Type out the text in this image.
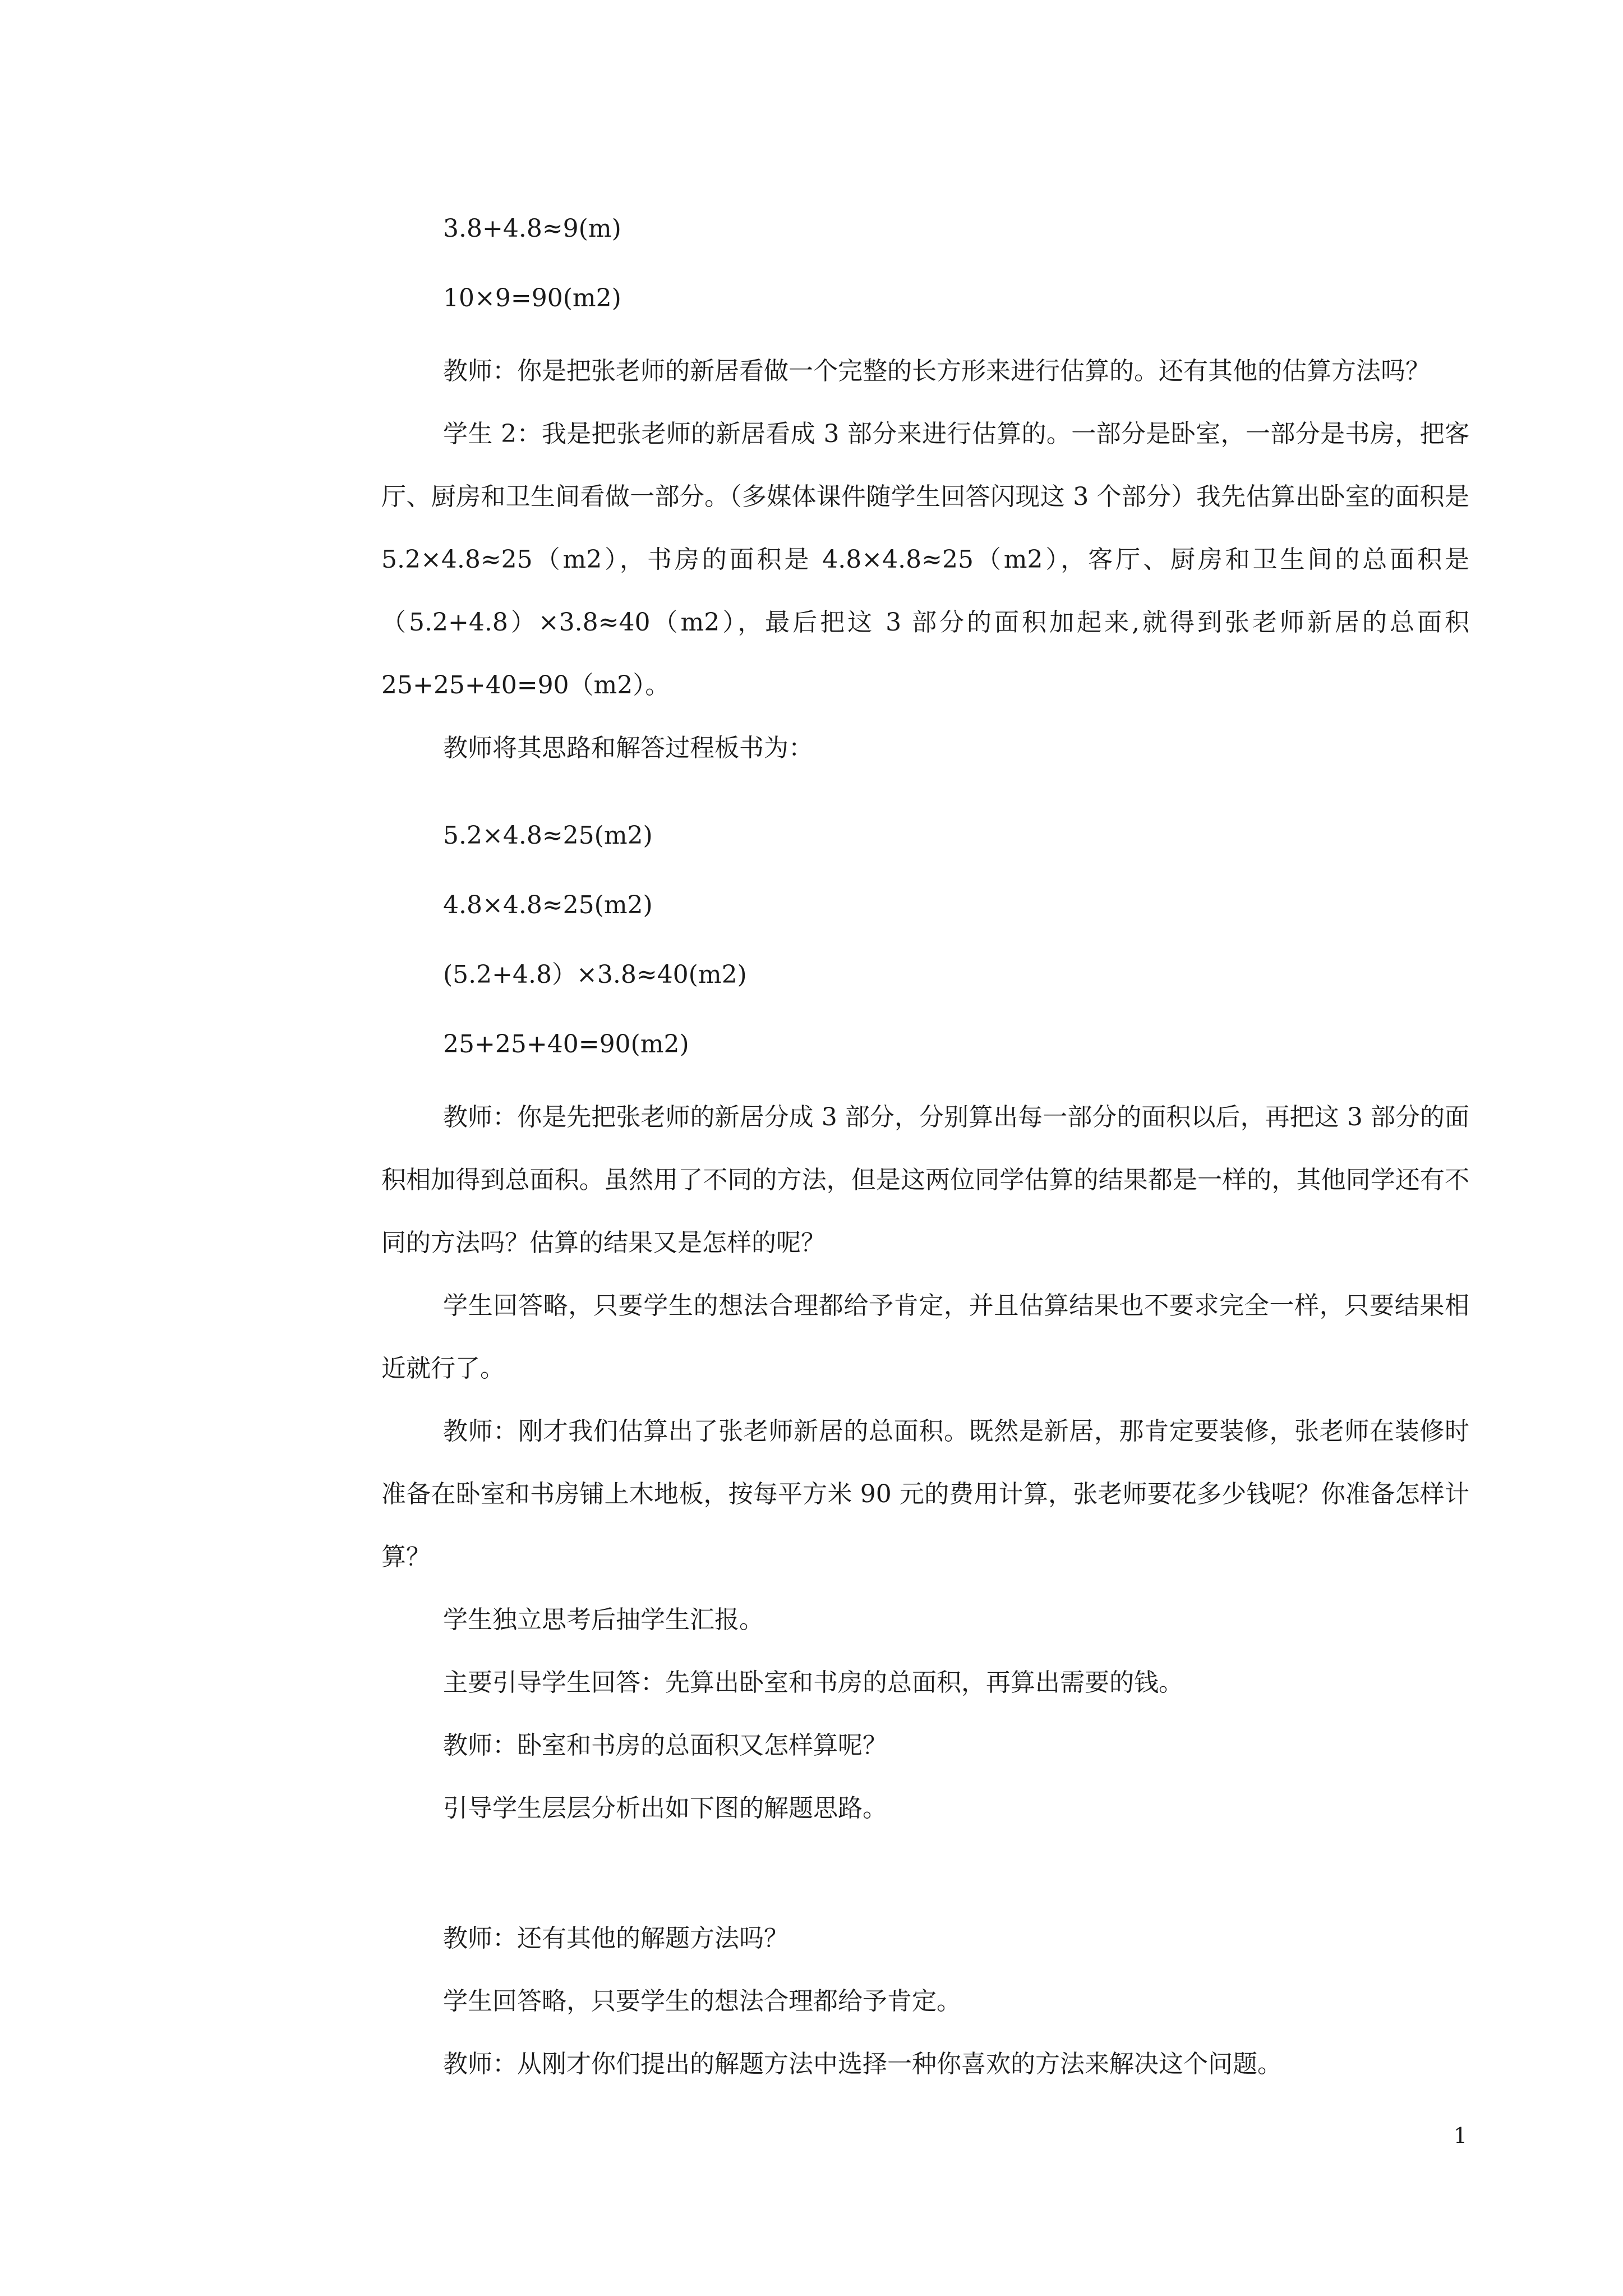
3.8+4.8≈9(m)

10×9=90(m2)

教师：你是把张老师的新居看做一个完整的长方形来进行估算的。还有其他的估算方法吗？

学生 2：我是把张老师的新居看成 3 部分来进行估算的。一部分是卧室，一部分是书房，把客厅、厨房和卫生间看做一部分。（多媒体课件随学生回答闪现这 3 个部分）我先估算出卧室的面积是 5.2×4.8≈25（m2），书房的面积是 4.8×4.8≈25（m2），客厅、厨房和卫生间的总面积是（5.2+4.8）×3.8≈40（m2），最后把这 3 部分的面积加起来,就得到张老师新居的总面积 25+25+40=90（m2）。

教师将其思路和解答过程板书为：

5.2×4.8≈25(m2)

4.8×4.8≈25(m2)

(5.2+4.8）×3.8≈40(m2)

25+25+40=90(m2)

教师：你是先把张老师的新居分成 3 部分，分别算出每一部分的面积以后，再把这 3 部分的面积相加得到总面积。虽然用了不同的方法，但是这两位同学估算的结果都是一样的，其他同学还有不同的方法吗？估算的结果又是怎样的呢？

学生回答略，只要学生的想法合理都给予肯定，并且估算结果也不要求完全一样，只要结果相近就行了。

教师：刚才我们估算出了张老师新居的总面积。既然是新居，那肯定要装修，张老师在装修时准备在卧室和书房铺上木地板，按每平方米 90 元的费用计算，张老师要花多少钱呢？你准备怎样计算？

学生独立思考后抽学生汇报。

主要引导学生回答：先算出卧室和书房的总面积，再算出需要的钱。

教师：卧室和书房的总面积又怎样算呢？

引导学生层层分析出如下图的解题思路。

教师：还有其他的解题方法吗？

学生回答略，只要学生的想法合理都给予肯定。

教师：从刚才你们提出的解题方法中选择一种你喜欢的方法来解决这个问题。

1
